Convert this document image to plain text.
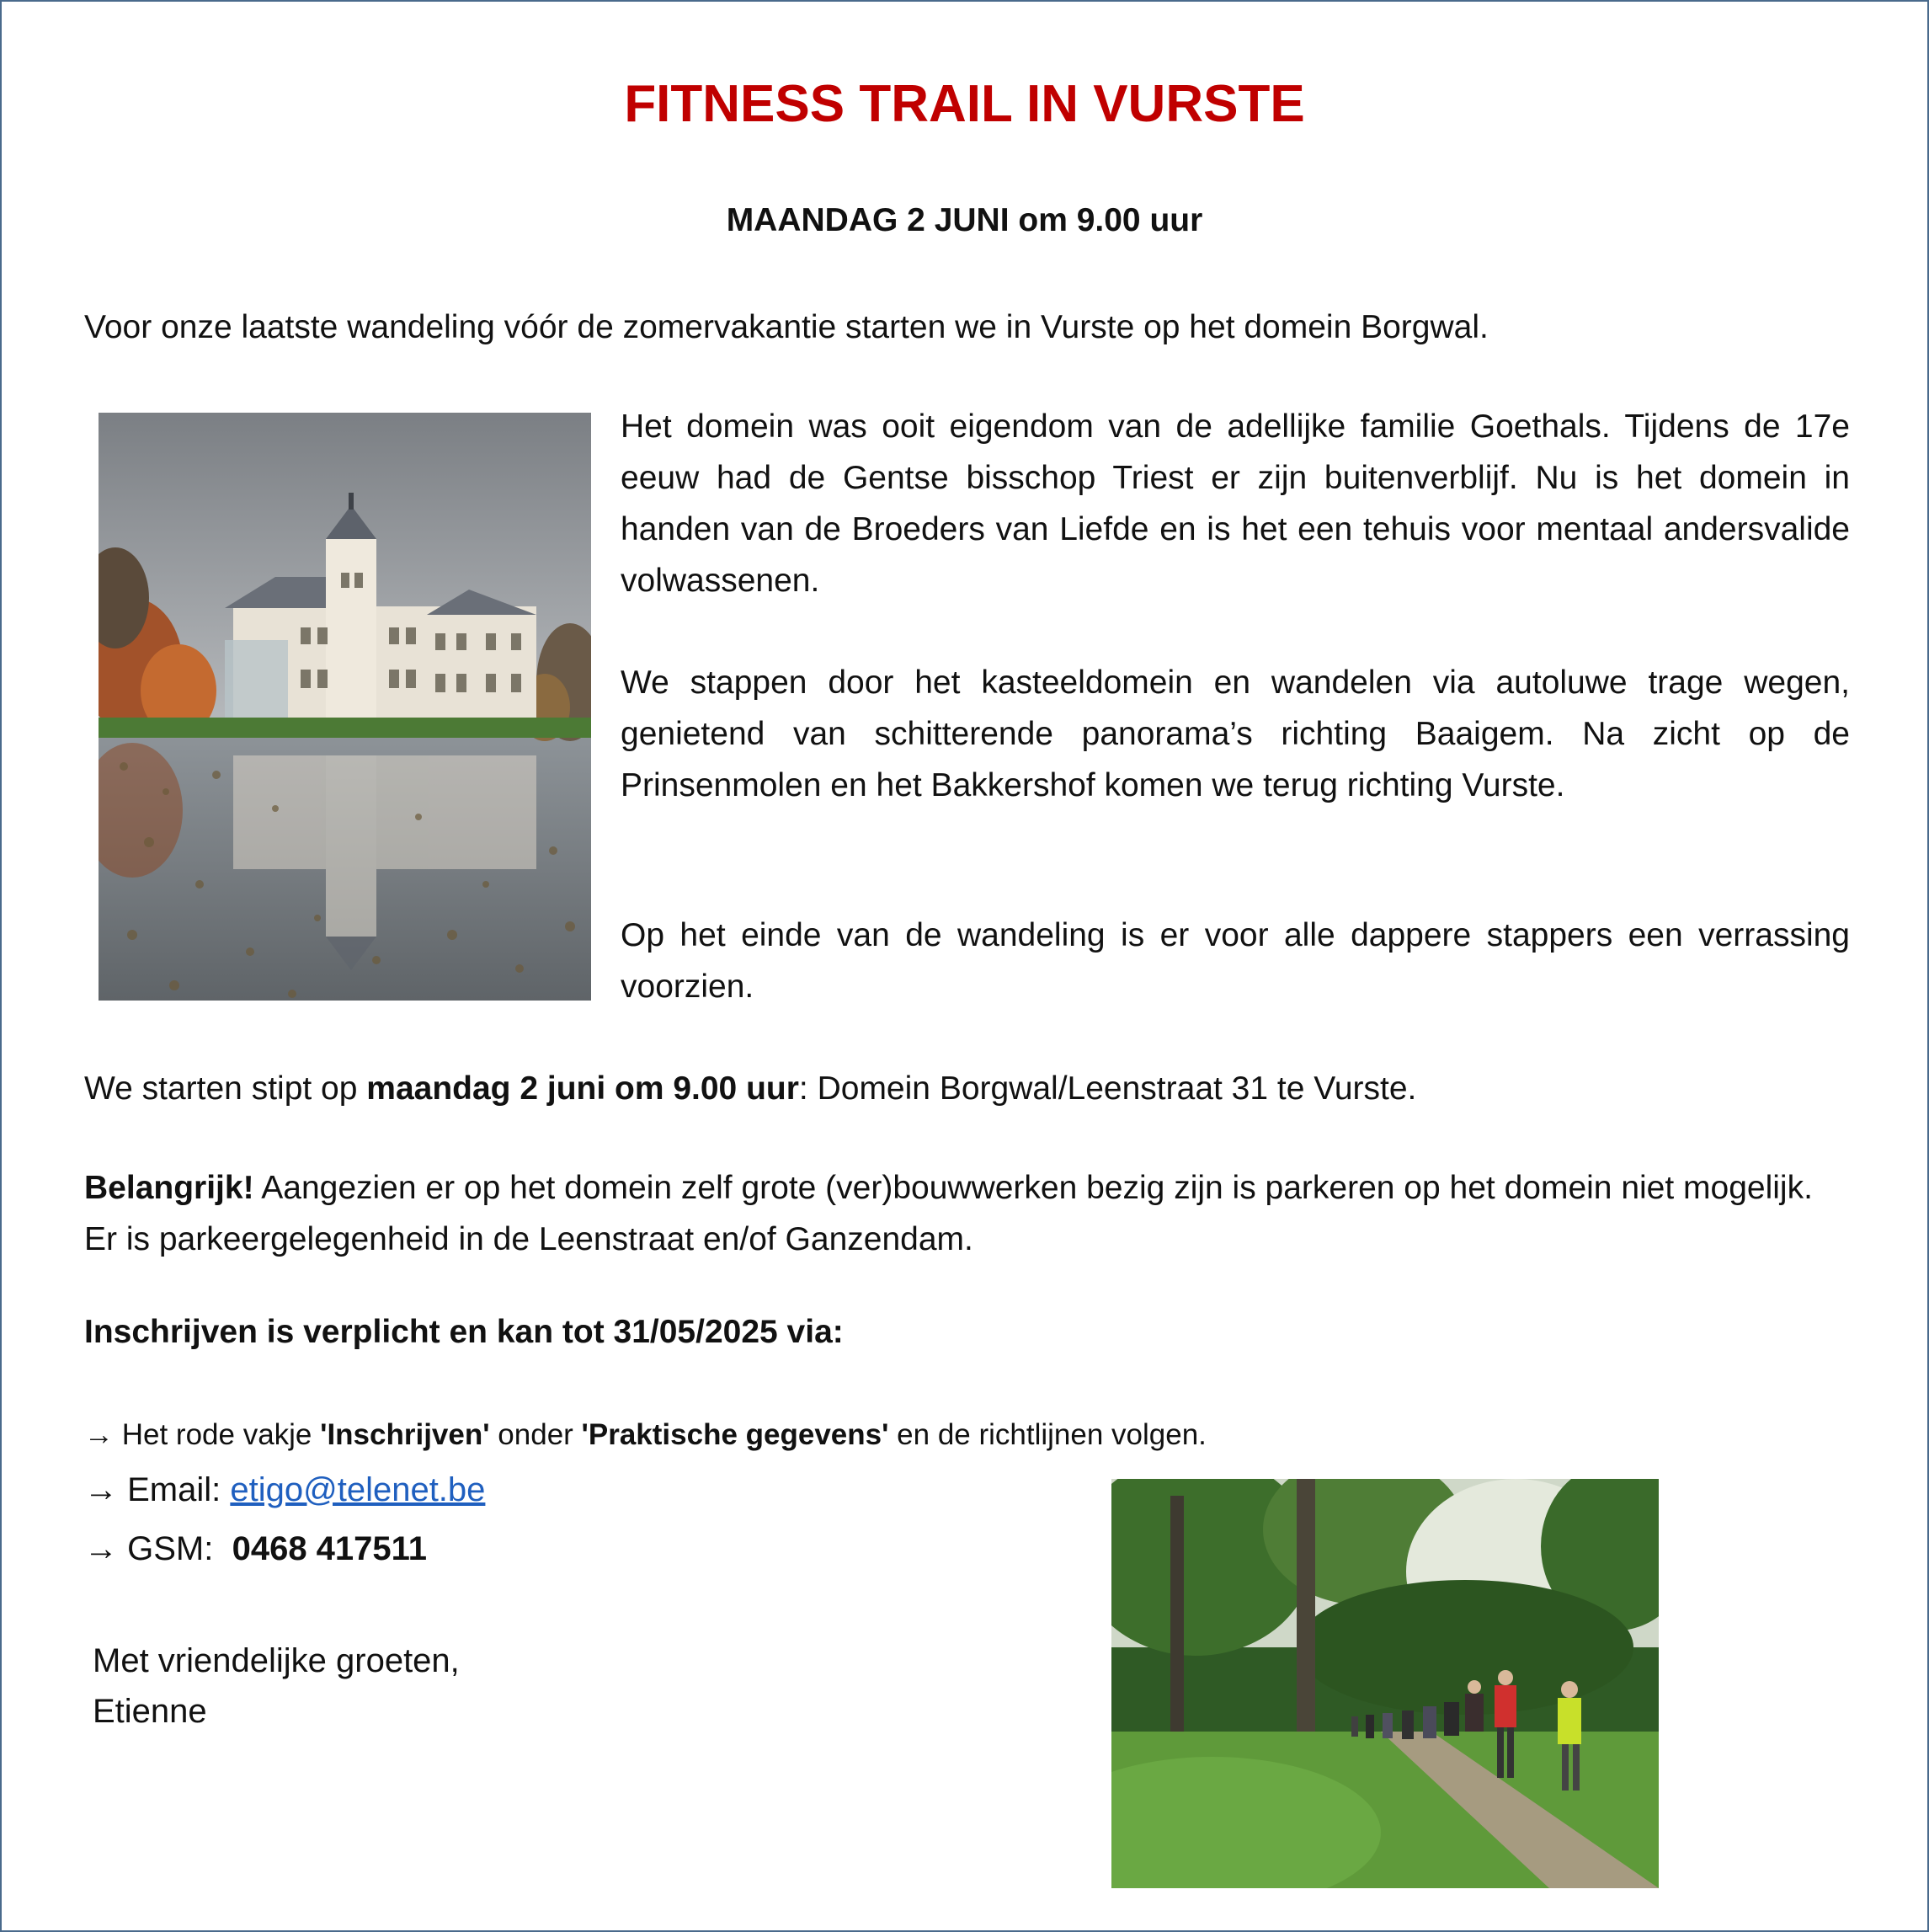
FITNESS TRAIL IN VURSTE
MAANDAG 2 JUNI om 9.00 uur
Voor onze laatste wandeling vóór de zomervakantie starten we in Vurste op het domein Borgwal.
Het domein was ooit eigendom van de adellijke familie Goethals. Tijdens de 17e eeuw had de Gentse bisschop Triest er zijn buitenverblijf. Nu is het domein in handen van de Broeders van Liefde en is het een tehuis voor mentaal andersvalide volwassenen.
We stappen door het kasteeldomein en wandelen via autoluwe trage wegen, genietend van schitterende panorama’s richting Baaigem. Na zicht op de Prinsenmolen en het Bakkershof komen we terug richting Vurste.
Op het einde van de wandeling is er voor alle dappere stappers een verrassing voorzien.
We starten stipt op maandag 2 juni om 9.00 uur: Domein Borgwal/Leenstraat 31 te Vurste.
Belangrijk! Aangezien er op het domein zelf grote (ver)bouwwerken bezig zijn is parkeren op het domein niet mogelijk. Er is parkeergelegenheid in de Leenstraat en/of Ganzendam.
Inschrijven is verplicht en kan tot 31/05/2025 via:
→ Het rode vakje 'Inschrijven' onder 'Praktische gegevens' en de richtlijnen volgen.
→ Email: etigo@telenet.be
→ GSM:  0468 417511
Met vriendelijke groeten,
Etienne
